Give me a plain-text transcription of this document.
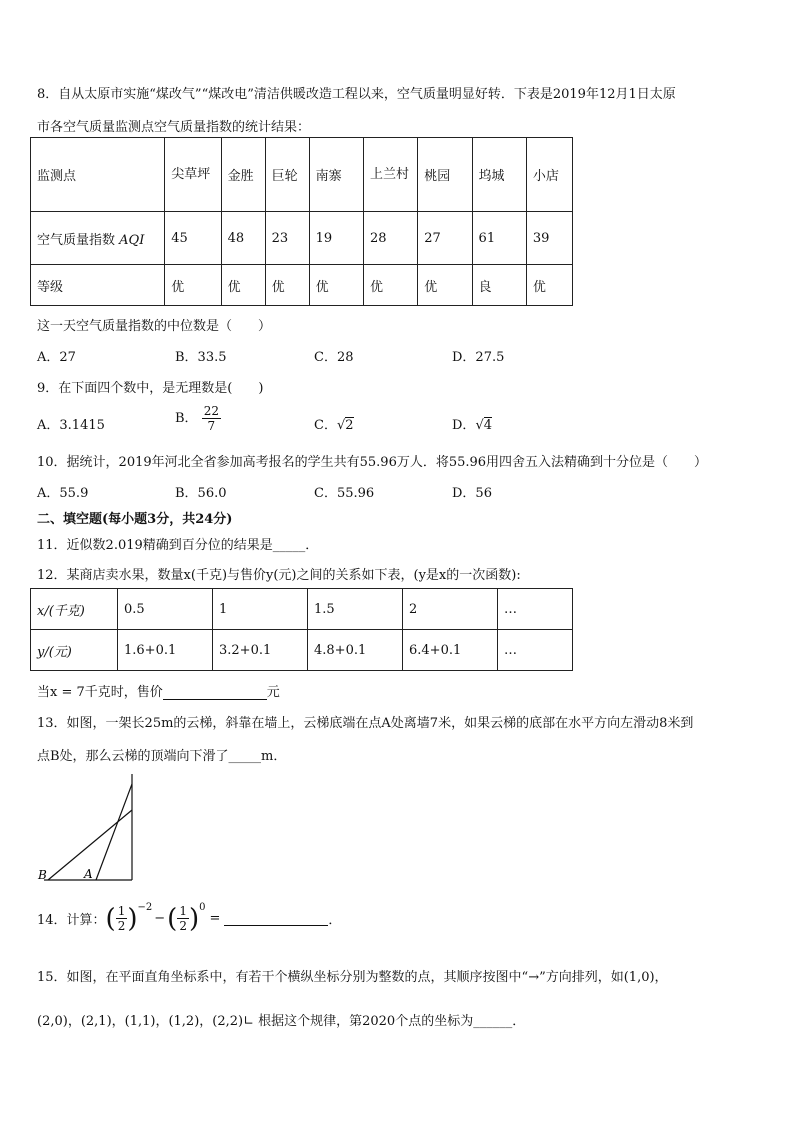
8．自从太原市实施“煤改气”“煤改电”清洁供暖改造工程以来，空气质量明显好转．下表是2019年12月1日太原
市各空气质量监测点空气质量指数的统计结果：
监测点	尖草坪	金胜	巨轮	南寨	上兰村	桃园	坞城	小店
空气质量指数 AQI	45	48	23	19	28	27	61	39
等级	优	优	优	优	优	优	良	优
这一天空气质量指数的中位数是（　　）
A．27	B．33.5	C．28	D．27.5
9．在下面四个数中，是无理数是(　　)
A．3.1415	B． $\frac{22}{7}$	C．√2	D．√4
10．据统计，2019年河北全省参加高考报名的学生共有55.96万人．将55.96用四舍五入法精确到十分位是（　　）
A．55.9	B．56.0	C．55.96	D．56
二、填空题(每小题3分，共24分)
11．近似数2.019精确到百分位的结果是_____．
12．某商店卖水果，数量x(千克)与售价y(元)之间的关系如下表，(y是x的一次函数):
x/(千克)	0.5	1	1.5	2	…
y/(元)	1.6+0.1	3.2+0.1	4.8+0.1	6.4+0.1	…
当x = 7千克时，售价	元
13．如图，一架长25m的云梯，斜靠在墙上，云梯底端在点A处离墙7米，如果云梯的底部在水平方向左滑动8米到
点B处，那么云梯的顶端向下滑了_____m．
B	A
14．计算： ( $\frac{1}{2}$ ) −2
− ( $\frac{1}{2}$ ) 0
=	．
15．如图，在平面直角坐标系中，有若干个横纵坐标分别为整数的点，其顺序按图中“→”方向排列，如(1,0)，
(2,0)，(2,1)，(1,1)，(1,2)，(2,2)∟ 根据这个规律，第2020个点的坐标为______．
